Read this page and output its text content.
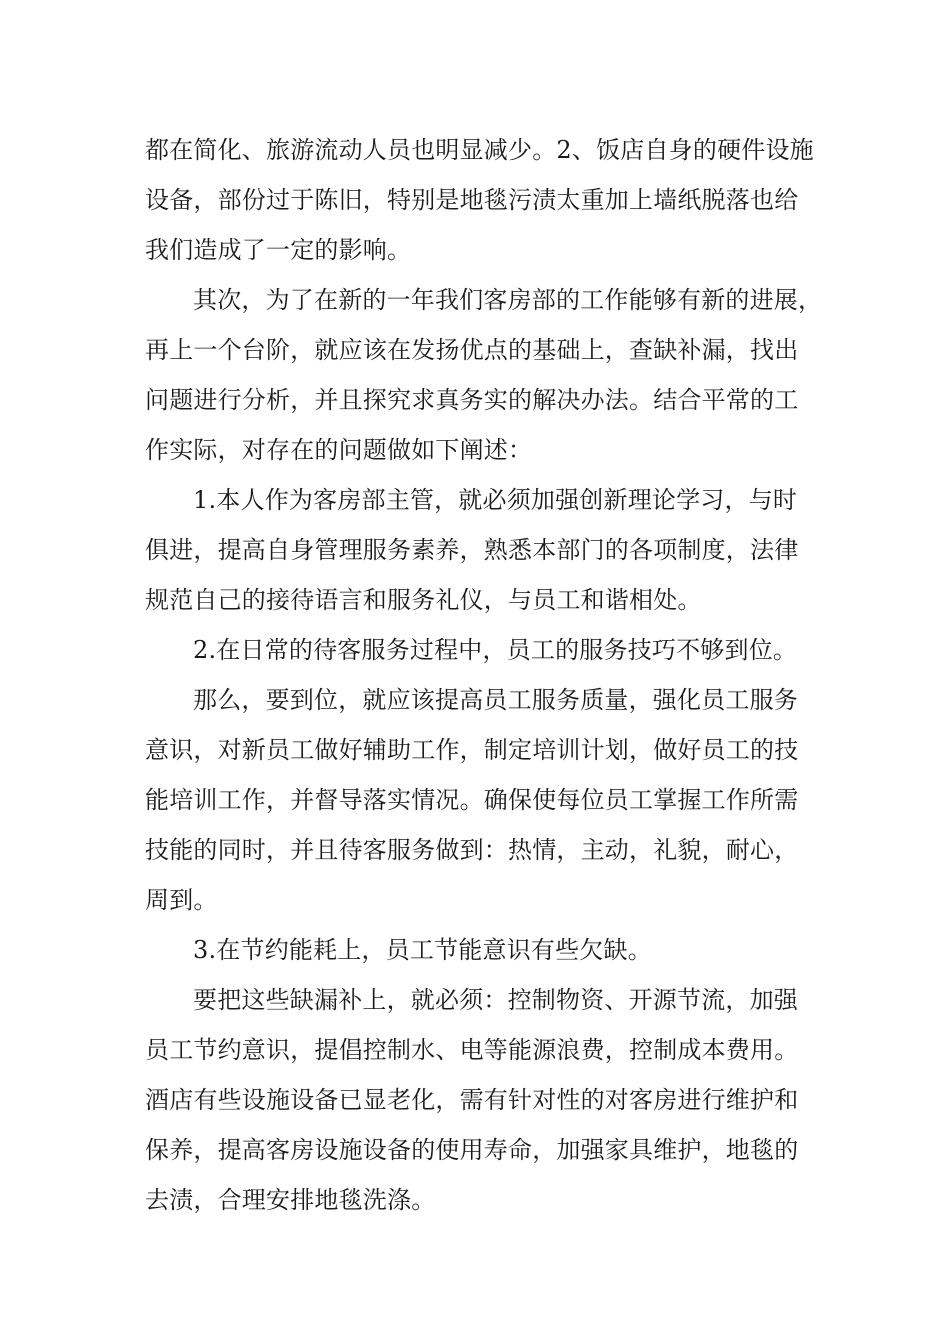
都在简化、旅游流动人员也明显减少。2、饭店自身的硬件设施
设备，部份过于陈旧，特别是地毯污渍太重加上墙纸脱落也给
我们造成了一定的影响。
其次，为了在新的一年我们客房部的工作能够有新的进展，
再上一个台阶，就应该在发扬优点的基础上，查缺补漏，找出
问题进行分析，并且探究求真务实的解决办法。结合平常的工
作实际，对存在的问题做如下阐述：
1.本人作为客房部主管，就必须加强创新理论学习，与时
俱进，提高自身管理服务素养，熟悉本部门的各项制度，法律
规范自己的接待语言和服务礼仪，与员工和谐相处。
2.在日常的待客服务过程中，员工的服务技巧不够到位。
那么，要到位，就应该提高员工服务质量，强化员工服务
意识，对新员工做好辅助工作，制定培训计划，做好员工的技
能培训工作，并督导落实情况。确保使每位员工掌握工作所需
技能的同时，并且待客服务做到：热情，主动，礼貌，耐心，
周到。
3.在节约能耗上，员工节能意识有些欠缺。
要把这些缺漏补上，就必须：控制物资、开源节流，加强
员工节约意识，提倡控制水、电等能源浪费，控制成本费用。
酒店有些设施设备已显老化，需有针对性的对客房进行维护和
保养，提高客房设施设备的使用寿命，加强家具维护，地毯的
去渍，合理安排地毯洗涤。
